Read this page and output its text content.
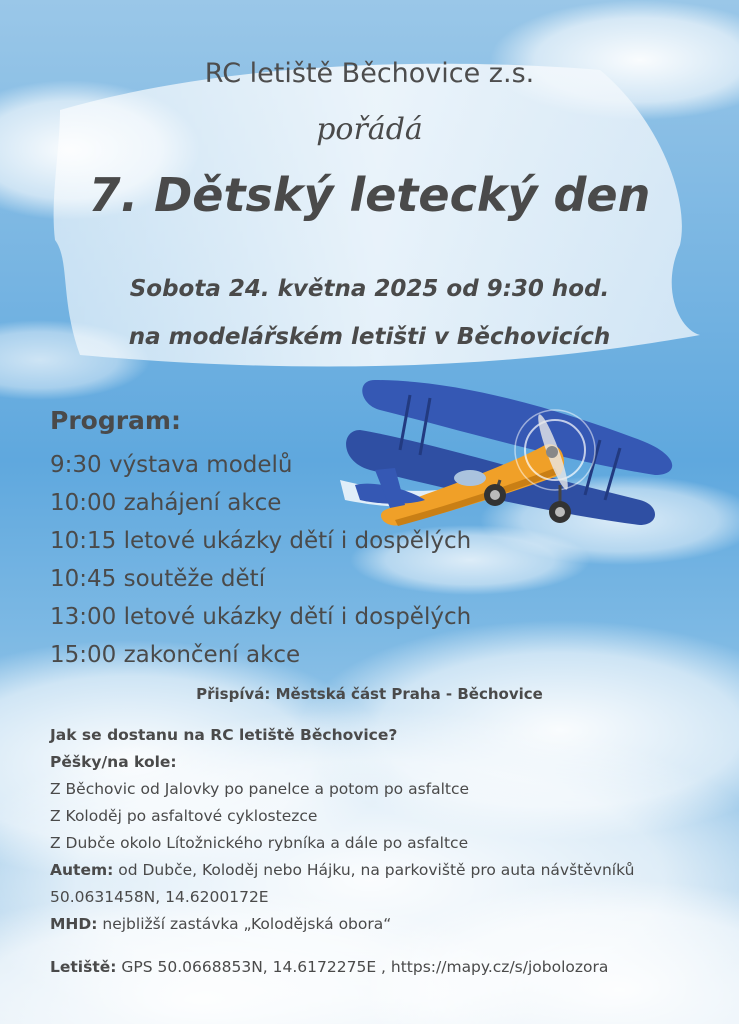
RC letiště Běchovice z.s.
pořádá
7. Dětský letecký den
Sobota 24. května 2025 od 9:30 hod.
na modelářském letišti v Běchovicích
Program:
9:30 výstava modelů
10:00 zahájení akce
10:15 letové ukázky dětí i dospělých
10:45 soutěže dětí
13:00 letové ukázky dětí i dospělých
15:00 zakončení akce
Přispívá: Městská část Praha - Běchovice
Jak se dostanu na RC letiště Běchovice?
Pěšky/na kole:
Z Běchovic od Jalovky po panelce a potom po asfaltce
Z Koloděj po asfaltové cyklostezce
Z Dubče okolo Lítožnického rybníka a dále po asfaltce
Autem: od Dubče, Koloděj nebo Hájku, na parkoviště pro auta návštěvníků
50.0631458N, 14.6200172E
MHD: nejbližší zastávka „Kolodějská obora“
Letiště: GPS 50.0668853N, 14.6172275E , https://mapy.cz/s/jobolozora
